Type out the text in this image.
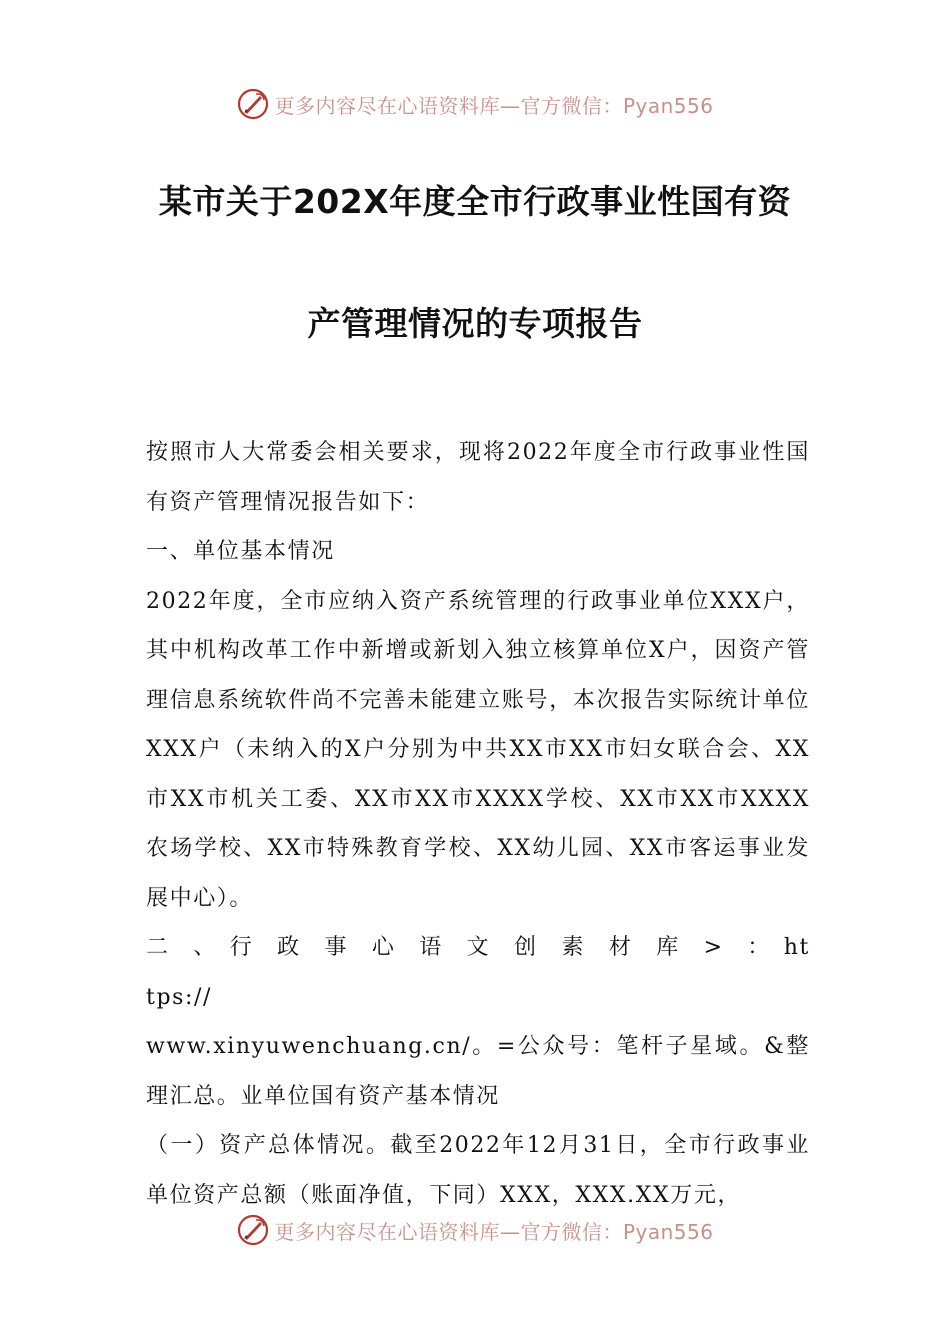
更多内容尽在心语资料库—官方微信：Pyan556
某市关于202X年度全市行政事业性国有资
产管理情况的专项报告

按照市人大常委会相关要求，现将2022年度全市行政事业性国有资产管理情况报告如下：

一、单位基本情况

2022年度，全市应纳入资产系统管理的行政事业单位XXX户，其中机构改革工作中新增或新划入独立核算单位X户，因资产管理信息系统软件尚不完善未能建立账号，本次报告实际统计单位XXX户（未纳入的X户分别为中共XX市XX市妇女联合会、XX市XX市机关工委、XX市XX市XXXX学校、XX市XX市XXXX农场学校、XX市特殊教育学校、XX幼儿园、XX市客运事业发展中心）。

二　、　行　政　事　心　语　文　创　素　材　库　>　：　https://

www.xinyuwenchuang.cn/。=公众号：笔杆子星域。&整理汇总。业单位国有资产基本情况

（一）资产总体情况。截至2022年12月31日，全市行政事业单位资产总额（账面净值，下同）XXX，XXX.XX万元，

更多内容尽在心语资料库—官方微信：Pyan556
